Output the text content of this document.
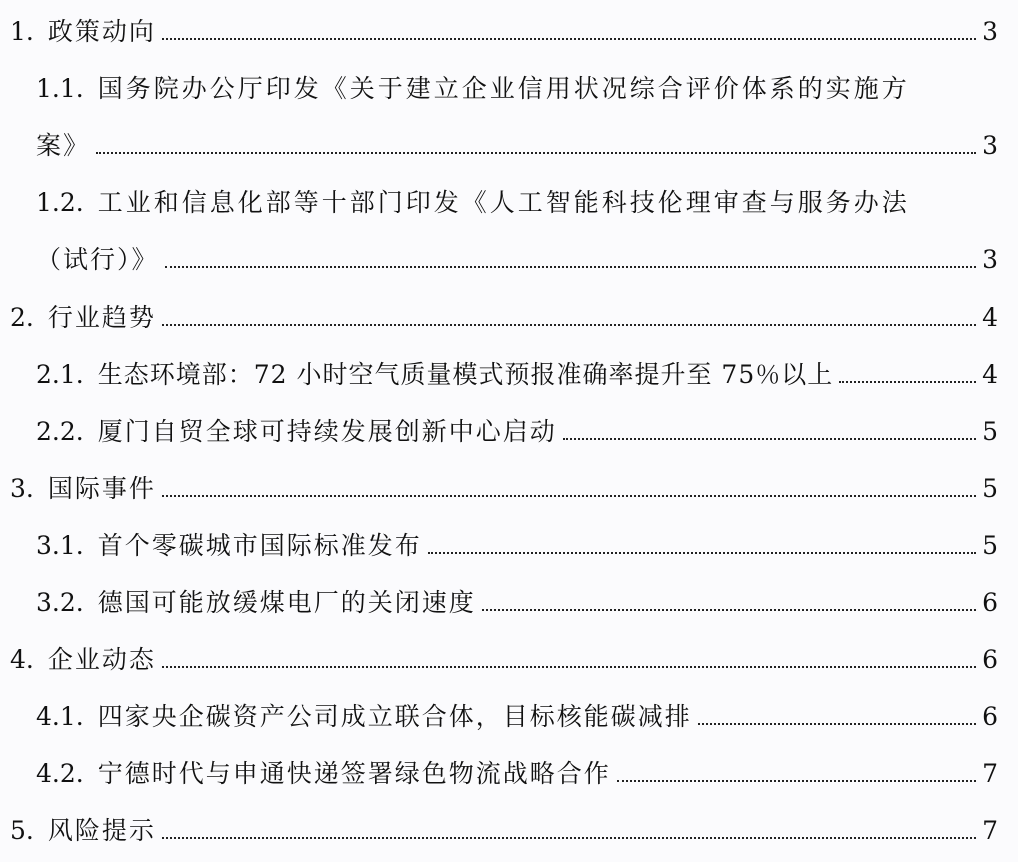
1. 政策动向	3
1.1. 国务院办公厅印发《关于建立企业信用状况综合评价体系的实施方
案》	3
1.2. 工业和信息化部等十部门印发《人工智能科技伦理审查与服务办法
（试行）》	3
2. 行业趋势	4
2.1. 生态环境部：72 小时空气质量模式预报准确率提升至 75％以上	4
2.2. 厦门自贸全球可持续发展创新中心启动	5
3. 国际事件	5
3.1. 首个零碳城市国际标准发布	5
3.2. 德国可能放缓煤电厂的关闭速度	6
4. 企业动态	6
4.1. 四家央企碳资产公司成立联合体，目标核能碳减排	6
4.2. 宁德时代与申通快递签署绿色物流战略合作	7
5. 风险提示	7
